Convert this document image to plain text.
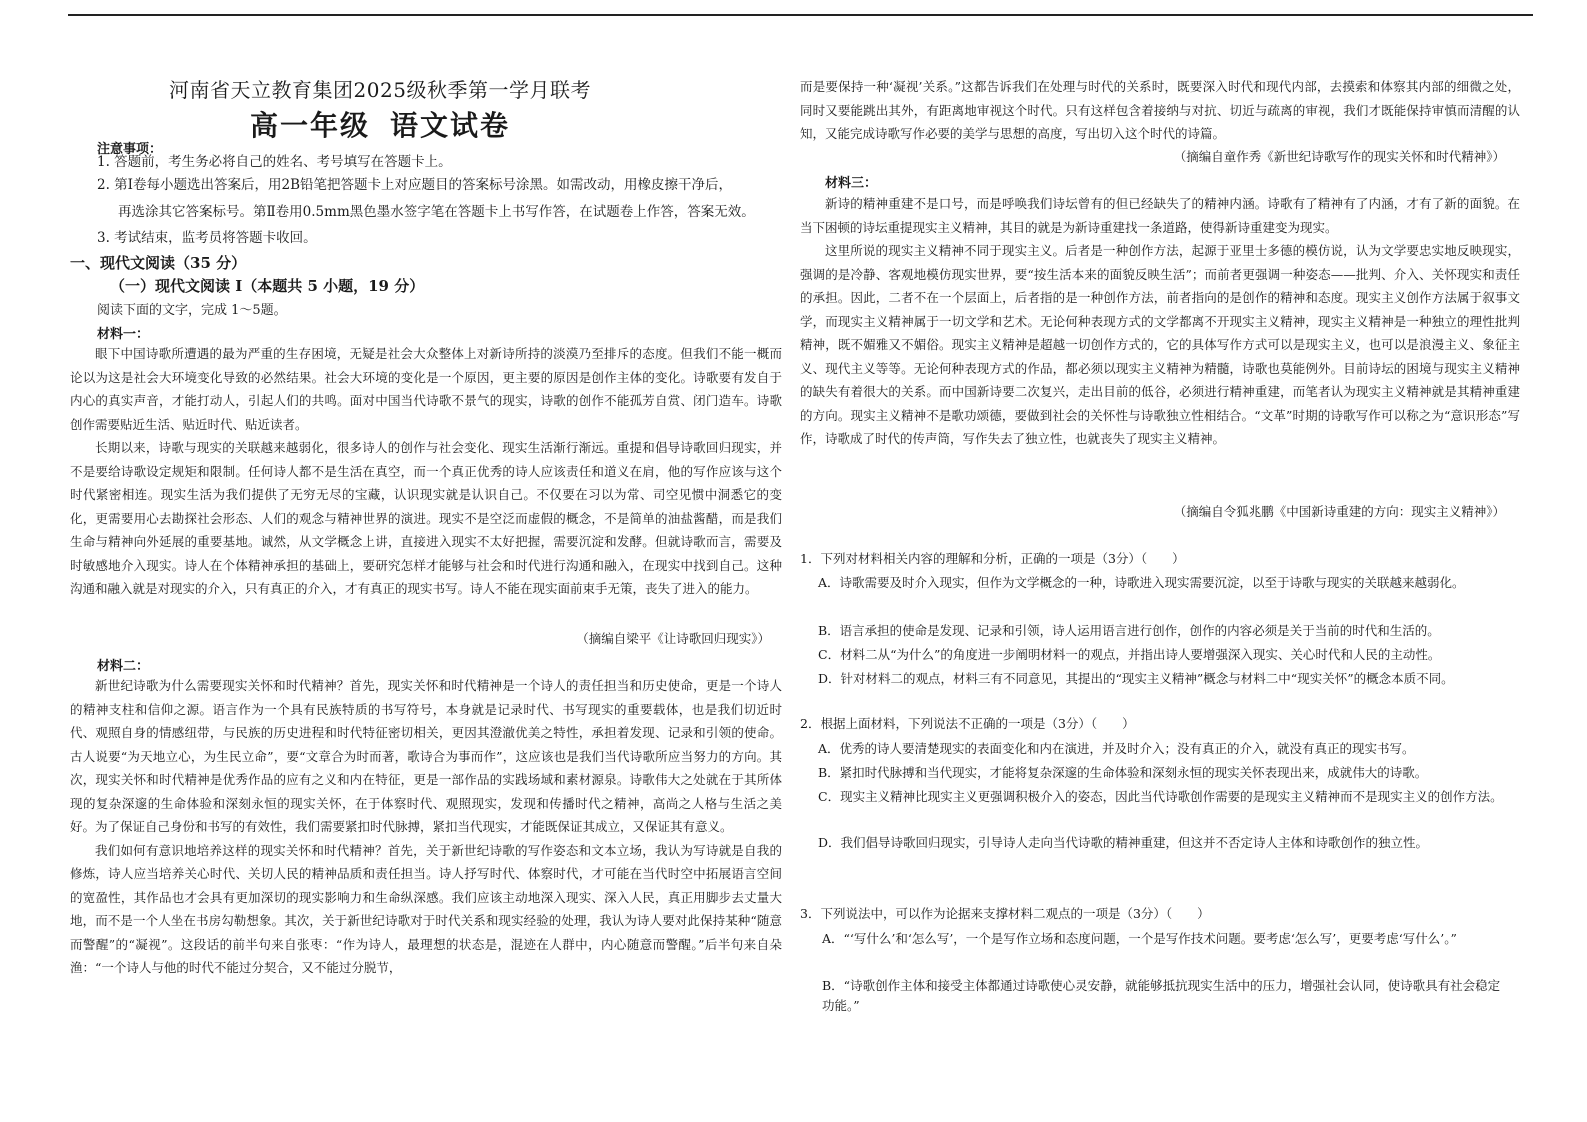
河南省天立教育集团2025级秋季第一学月联考
高一年级 语文试卷
注意事项：
1. 答题前，考生务必将自己的姓名、考号填写在答题卡上。
2. 第Ⅰ卷每小题选出答案后，用2B铅笔把答题卡上对应题目的答案标号涂黑。如需改动，用橡皮擦干净后，
再选涂其它答案标号。第Ⅱ卷用0.5mm黑色墨水签字笔在答题卡上书写作答，在试题卷上作答，答案无效。
3. 考试结束，监考员将答题卡收回。
一、现代文阅读（35 分）
（一）现代文阅读 Ⅰ（本题共 5 小题，19 分）
阅读下面的文字，完成 1～5题。
材料一：

眼下中国诗歌所遭遇的最为严重的生存困境，无疑是社会大众整体上对新诗所持的淡漠乃至排斥的态度。但我们不能一概而论以为这是社会大环境变化导致的必然结果。社会大环境的变化是一个原因，更主要的原因是创作主体的变化。诗歌要有发自于内心的真实声音，才能打动人，引起人们的共鸣。面对中国当代诗歌不景气的现实，诗歌的创作不能孤芳自赏、闭门造车。诗歌创作需要贴近生活、贴近时代、贴近读者。

长期以来，诗歌与现实的关联越来越弱化，很多诗人的创作与社会变化、现实生活渐行渐远。重提和倡导诗歌回归现实，并不是要给诗歌设定规矩和限制。任何诗人都不是生活在真空，而一个真正优秀的诗人应该责任和道义在肩，他的写作应该与这个时代紧密相连。现实生活为我们提供了无穷无尽的宝藏，认识现实就是认识自己。不仅要在习以为常、司空见惯中洞悉它的变化，更需要用心去勘探社会形态、人们的观念与精神世界的演进。现实不是空泛而虚假的概念，不是简单的油盐酱醋，而是我们生命与精神向外延展的重要基地。诚然，从文学概念上讲，直接进入现实不太好把握，需要沉淀和发酵。但就诗歌而言，需要及时敏感地介入现实。诗人在个体精神承担的基础上，要研究怎样才能够与社会和时代进行沟通和融入，在现实中找到自己。这种沟通和融入就是对现实的介入，只有真正的介入，才有真正的现实书写。诗人不能在现实面前束手无策，丧失了进入的能力。

（摘编自梁平《让诗歌回归现实》）
材料二：

新世纪诗歌为什么需要现实关怀和时代精神？首先，现实关怀和时代精神是一个诗人的责任担当和历史使命，更是一个诗人的精神支柱和信仰之源。语言作为一个具有民族特质的书写符号，本身就是记录时代、书写现实的重要载体，也是我们切近时代、观照自身的情感纽带，与民族的历史进程和时代特征密切相关，更因其澄澈优美之特性，承担着发现、记录和引领的使命。古人说要“为天地立心，为生民立命”，要“文章合为时而著，歌诗合为事而作”，这应该也是我们当代诗歌所应当努力的方向。其次，现实关怀和时代精神是优秀作品的应有之义和内在特征，更是一部作品的实践场域和素材源泉。诗歌伟大之处就在于其所体现的复杂深邃的生命体验和深刻永恒的现实关怀，在于体察时代、观照现实，发现和传播时代之精神，高尚之人格与生活之美好。为了保证自己身份和书写的有效性，我们需要紧扣时代脉搏，紧扣当代现实，才能既保证其成立，又保证其有意义。

我们如何有意识地培养这样的现实关怀和时代精神？首先，关于新世纪诗歌的写作姿态和文本立场，我认为写诗就是自我的修炼，诗人应当培养关心时代、关切人民的精神品质和责任担当。诗人抒写时代、体察时代，才可能在当代时空中拓展语言空间的宽盈性，其作品也才会具有更加深切的现实影响力和生命纵深感。我们应该主动地深入现实、深入人民，真正用脚步去丈量大地，而不是一个人坐在书房勾勒想象。其次，关于新世纪诗歌对于时代关系和现实经验的处理，我认为诗人要对此保持某种“随意而警醒”的“凝视”。这段话的前半句来自张枣：“作为诗人，最理想的状态是，混迹在人群中，内心随意而警醒。”后半句来自朵渔：“一个诗人与他的时代不能过分契合，又不能过分脱节，

而是要保持一种‘凝视’关系。”这都告诉我们在处理与时代的关系时，既要深入时代和现代内部，去摸索和体察其内部的细微之处，同时又要能跳出其外，有距离地审视这个时代。只有这样包含着接纳与对抗、切近与疏离的审视，我们才既能保持审慎而清醒的认知，又能完成诗歌写作必要的美学与思想的高度，写出切入这个时代的诗篇。

（摘编自童作秀《新世纪诗歌写作的现实关怀和时代精神》）
材料三：

新诗的精神重建不是口号，而是呼唤我们诗坛曾有的但已经缺失了的精神内涵。诗歌有了精神有了内涵，才有了新的面貌。在当下困顿的诗坛重提现实主义精神，其目的就是为新诗重建找一条道路，使得新诗重建变为现实。

这里所说的现实主义精神不同于现实主义。后者是一种创作方法，起源于亚里士多德的模仿说，认为文学要忠实地反映现实，强调的是冷静、客观地模仿现实世界，要“按生活本来的面貌反映生活”；而前者更强调一种姿态——批判、介入、关怀现实和责任的承担。因此，二者不在一个层面上，后者指的是一种创作方法，前者指向的是创作的精神和态度。现实主义创作方法属于叙事文学，而现实主义精神属于一切文学和艺术。无论何种表现方式的文学都离不开现实主义精神，现实主义精神是一种独立的理性批判精神，既不媚雅又不媚俗。现实主义精神是超越一切创作方式的，它的具体写作方式可以是现实主义，也可以是浪漫主义、象征主义、现代主义等等。无论何种表现方式的作品，都必须以现实主义精神为精髓，诗歌也莫能例外。目前诗坛的困境与现实主义精神的缺失有着很大的关系。而中国新诗要二次复兴，走出目前的低谷，必须进行精神重建，而笔者认为现实主义精神就是其精神重建的方向。现实主义精神不是歌功颂德，要做到社会的关怀性与诗歌独立性相结合。“文革”时期的诗歌写作可以称之为“意识形态”写作，诗歌成了时代的传声筒，写作失去了独立性，也就丧失了现实主义精神。

（摘编自令狐兆鹏《中国新诗重建的方向：现实主义精神》）
1．下列对材料相关内容的理解和分析，正确的一项是（3分）（　　）
A．诗歌需要及时介入现实，但作为文学概念的一种，诗歌进入现实需要沉淀，以至于诗歌与现实的关联越来越弱化。
B．语言承担的使命是发现、记录和引领，诗人运用语言进行创作，创作的内容必须是关于当前的时代和生活的。
C．材料二从“为什么”的角度进一步阐明材料一的观点，并指出诗人要增强深入现实、关心时代和人民的主动性。
D．针对材料二的观点，材料三有不同意见，其提出的“现实主义精神”概念与材料二中“现实关怀”的概念本质不同。
2．根据上面材料，下列说法不正确的一项是（3分）（　　）
A．优秀的诗人要清楚现实的表面变化和内在演进，并及时介入；没有真正的介入，就没有真正的现实书写。
B．紧扣时代脉搏和当代现实，才能将复杂深邃的生命体验和深刻永恒的现实关怀表现出来，成就伟大的诗歌。
C．现实主义精神比现实主义更强调积极介入的姿态，因此当代诗歌创作需要的是现实主义精神而不是现实主义的创作方法。
D．我们倡导诗歌回归现实，引导诗人走向当代诗歌的精神重建，但这并不否定诗人主体和诗歌创作的独立性。
3．下列说法中，可以作为论据来支撑材料二观点的一项是（3分）（　　）
A．“‘写什么’和‘怎么写’，一个是写作立场和态度问题，一个是写作技术问题。要考虑‘怎么写’，更要考虑‘写什么’。”
B．“诗歌创作主体和接受主体都通过诗歌使心灵安静，就能够抵抗现实生活中的压力，增强社会认同，使诗歌具有社会稳定功能。”
